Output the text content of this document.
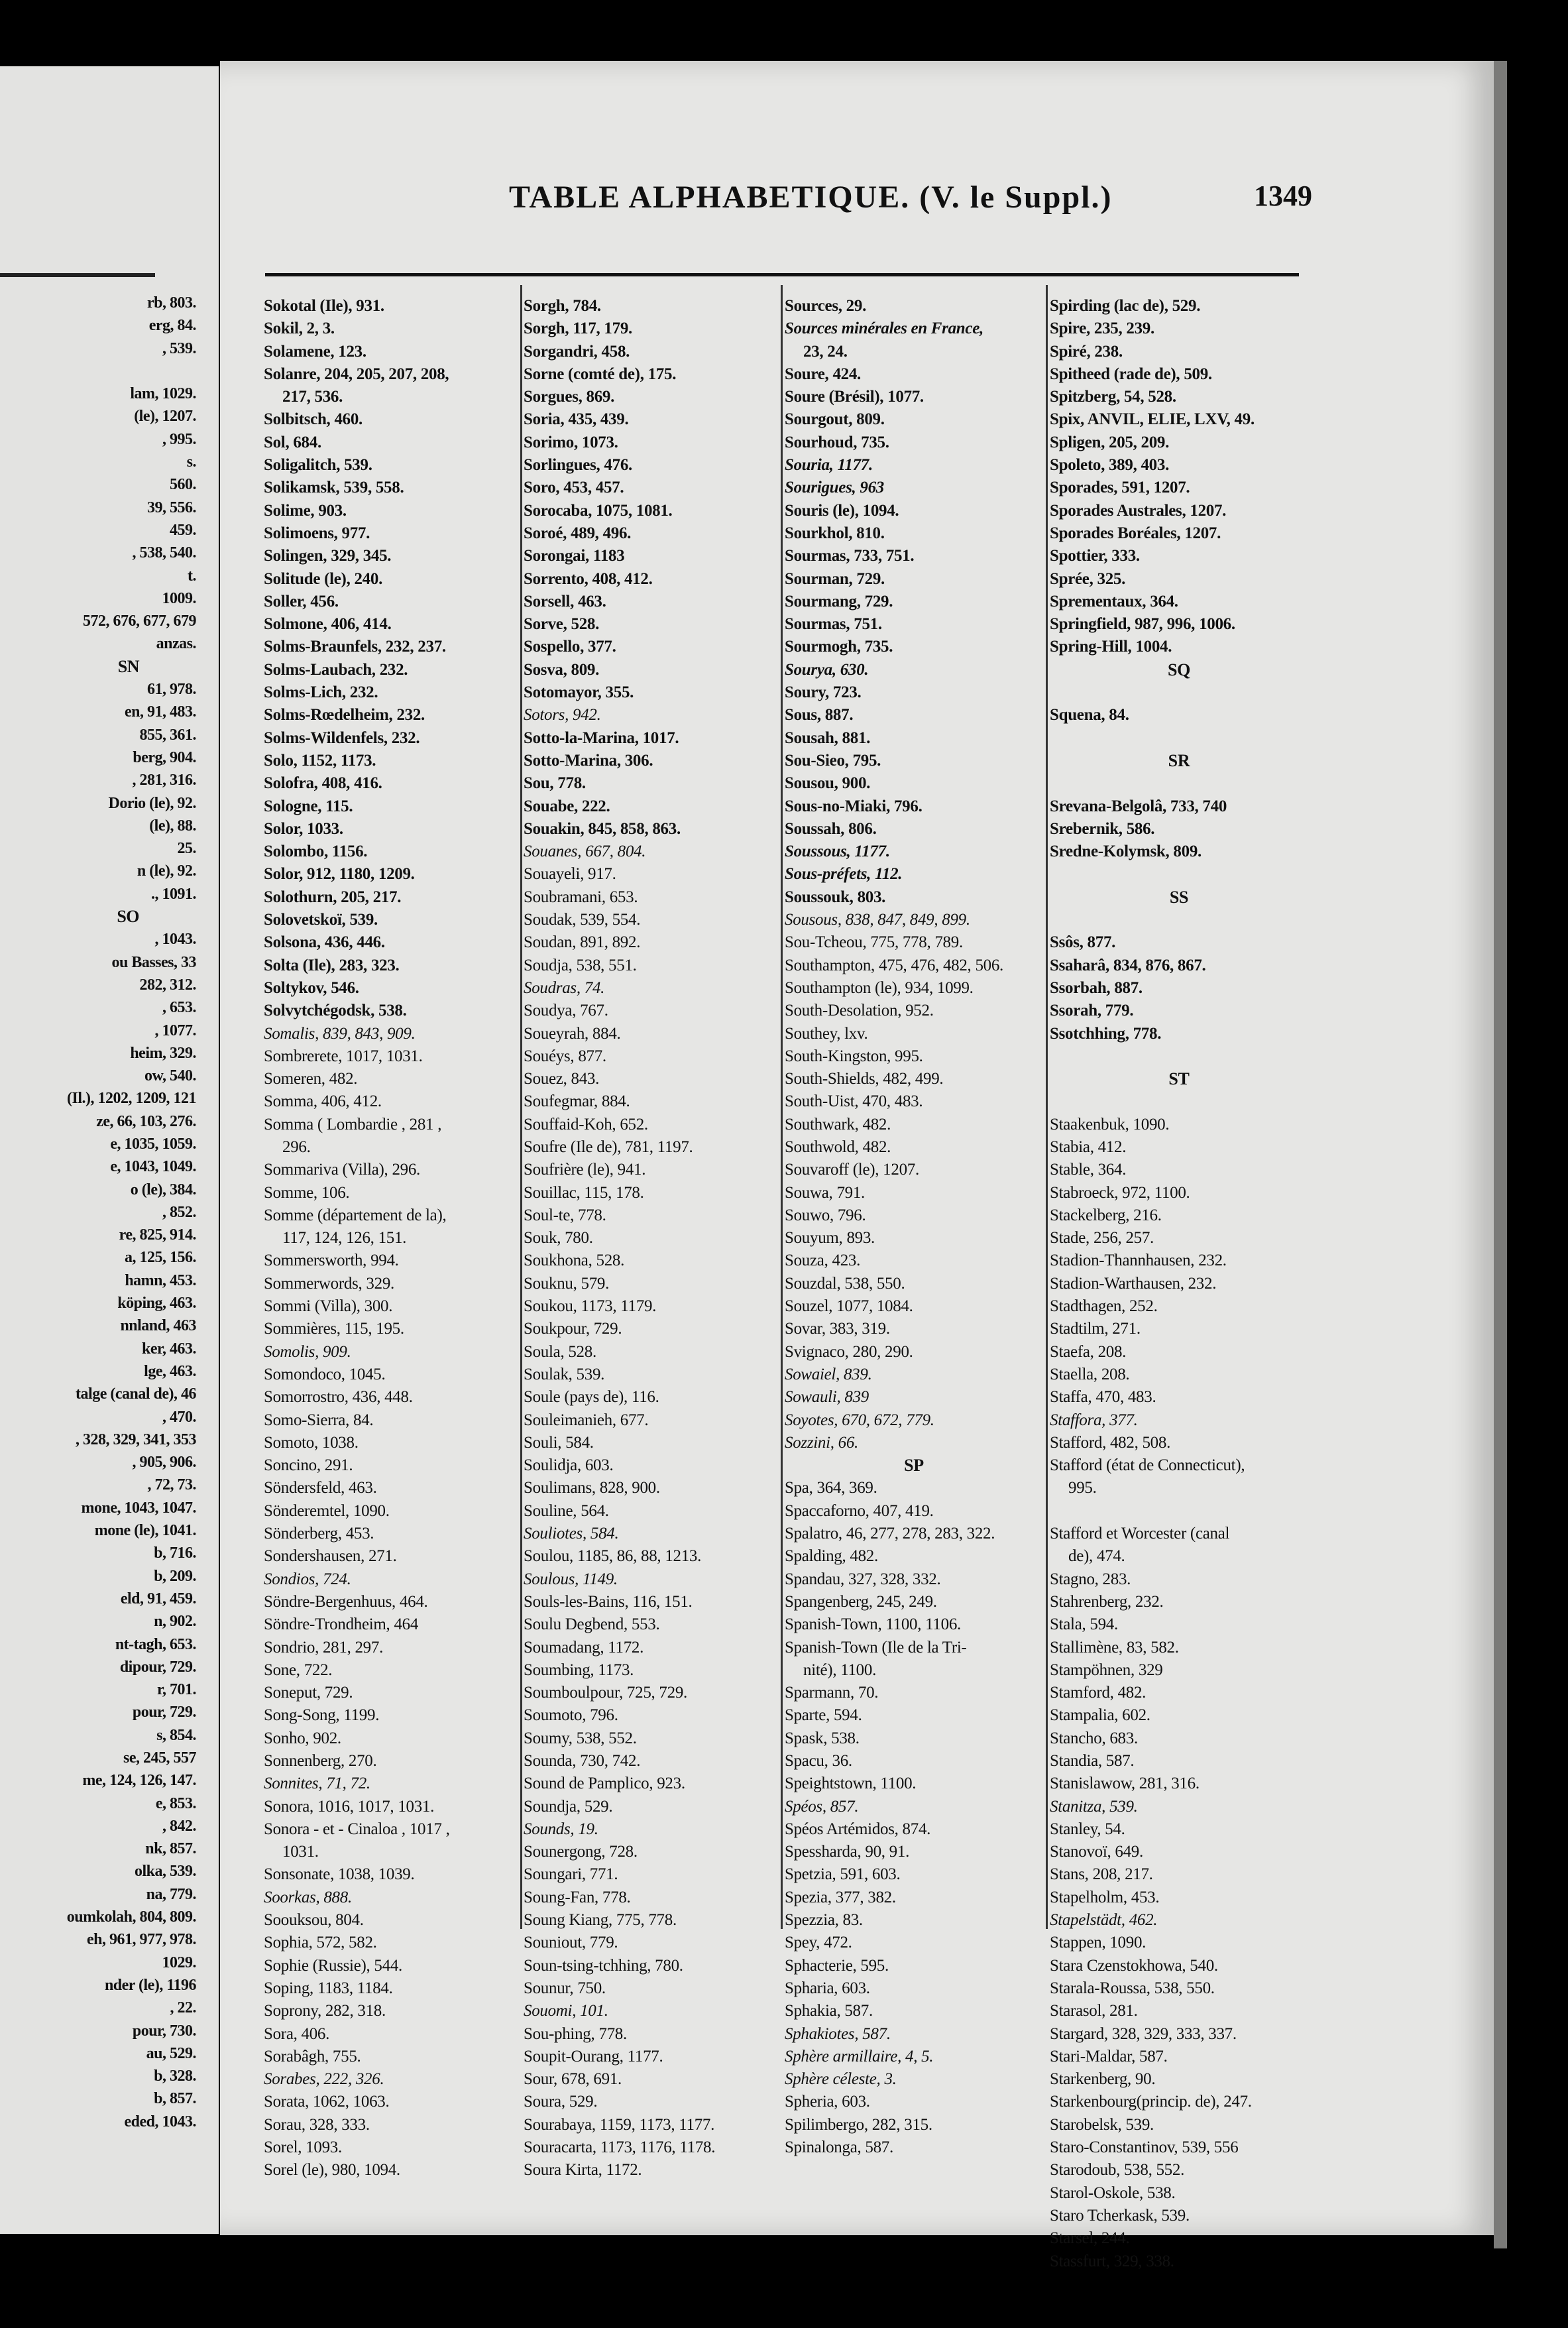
rb, 803.
erg, 84.
, 539.
lam, 1029.
(le), 1207.
, 995.
s.
560.
39, 556.
459.
, 538, 540.
t.
1009.
572, 676, 677, 679
anzas.
SN
61, 978.
en, 91, 483.
855, 361.
berg, 904.
, 281, 316.
Dorio (le), 92.
(le), 88.
25.
n (le), 92.
., 1091.
SO
, 1043.
ou Basses, 33
282, 312.
, 653.
, 1077.
heim, 329.
ow, 540.
(Il.), 1202, 1209, 121
ze, 66, 103, 276.
e, 1035, 1059.
e, 1043, 1049.
o (le), 384.
, 852.
re, 825, 914.
a, 125, 156.
hamn, 453.
köping, 463.
nnland, 463
ker, 463.
lge, 463.
talge (canal de), 46
, 470.
, 328, 329, 341, 353
, 905, 906.
, 72, 73.
mone, 1043, 1047.
mone (le), 1041.
b, 716.
b, 209.
eld, 91, 459.
n, 902.
nt-tagh, 653.
dipour, 729.
r, 701.
pour, 729.
s, 854.
se, 245, 557
me, 124, 126, 147.
e, 853.
, 842.
nk, 857.
olka, 539.
na, 779.
oumkolah, 804, 809.
eh, 961, 977, 978.
1029.
nder (le), 1196
, 22.
pour, 730.
au, 529.
b, 328.
b, 857.
eded, 1043.
TABLE ALPHABETIQUE. (V. le Suppl.)	1349
Sokotal (Ile), 931.
Sokil, 2, 3.
Solamene, 123.
Solanre, 204, 205, 207, 208,
217, 536.
Solbitsch, 460.
Sol, 684.
Soligalitch, 539.
Solikamsk, 539, 558.
Solime, 903.
Solimoens, 977.
Solingen, 329, 345.
Solitude (le), 240.
Soller, 456.
Solmone, 406, 414.
Solms-Braunfels, 232, 237.
Solms-Laubach, 232.
Solms-Lich, 232.
Solms-Rœdelheim, 232.
Solms-Wildenfels, 232.
Solo, 1152, 1173.
Solofra, 408, 416.
Sologne, 115.
Solor, 1033.
Solombo, 1156.
Solor, 912, 1180, 1209.
Solothurn, 205, 217.
Solovetskoï, 539.
Solsona, 436, 446.
Solta (Ile), 283, 323.
Soltykov, 546.
Solvytchégodsk, 538.
Somalis, 839, 843, 909.
Sombrerete, 1017, 1031.
Someren, 482.
Somma, 406, 412.
Somma ( Lombardie , 281 ,
296.
Sommariva (Villa), 296.
Somme, 106.
Somme (département de la),
117, 124, 126, 151.
Sommersworth, 994.
Sommerwords, 329.
Sommi (Villa), 300.
Sommières, 115, 195.
Somolis, 909.
Somondoco, 1045.
Somorrostro, 436, 448.
Somo-Sierra, 84.
Somoto, 1038.
Soncino, 291.
Söndersfeld, 463.
Sönderemtel, 1090.
Sönderberg, 453.
Sondershausen, 271.
Sondios, 724.
Söndre-Bergenhuus, 464.
Söndre-Trondheim, 464
Sondrio, 281, 297.
Sone, 722.
Soneput, 729.
Song-Song, 1199.
Sonho, 902.
Sonnenberg, 270.
Sonnites, 71, 72.
Sonora, 1016, 1017, 1031.
Sonora - et - Cinaloa , 1017 ,
1031.
Sonsonate, 1038, 1039.
Soorkas, 888.
Soouksou, 804.
Sophia, 572, 582.
Sophie (Russie), 544.
Soping, 1183, 1184.
Soprony, 282, 318.
Sora, 406.
Sorabâgh, 755.
Sorabes, 222, 326.
Sorata, 1062, 1063.
Sorau, 328, 333.
Sorel, 1093.
Sorel (le), 980, 1094.
Sorgh, 784.
Sorgh, 117, 179.
Sorgandri, 458.
Sorne (comté de), 175.
Sorgues, 869.
Soria, 435, 439.
Sorimo, 1073.
Sorlingues, 476.
Soro, 453, 457.
Sorocaba, 1075, 1081.
Soroé, 489, 496.
Sorongai, 1183
Sorrento, 408, 412.
Sorsell, 463.
Sorve, 528.
Sospello, 377.
Sosva, 809.
Sotomayor, 355.
Sotors, 942.
Sotto-la-Marina, 1017.
Sotto-Marina, 306.
Sou, 778.
Souabe, 222.
Souakin, 845, 858, 863.
Souanes, 667, 804.
Souayeli, 917.
Soubramani, 653.
Soudak, 539, 554.
Soudan, 891, 892.
Soudja, 538, 551.
Soudras, 74.
Soudya, 767.
Soueyrah, 884.
Souéys, 877.
Souez, 843.
Soufegmar, 884.
Souffaid-Koh, 652.
Soufre (Ile de), 781, 1197.
Soufrière (le), 941.
Souillac, 115, 178.
Soul-te, 778.
Souk, 780.
Soukhona, 528.
Souknu, 579.
Soukou, 1173, 1179.
Soukpour, 729.
Soula, 528.
Soulak, 539.
Soule (pays de), 116.
Souleimanieh, 677.
Souli, 584.
Soulidja, 603.
Soulimans, 828, 900.
Souline, 564.
Souliotes, 584.
Soulou, 1185, 86, 88, 1213.
Soulous, 1149.
Souls-les-Bains, 116, 151.
Soulu Degbend, 553.
Soumadang, 1172.
Soumbing, 1173.
Soumboulpour, 725, 729.
Soumoto, 796.
Soumy, 538, 552.
Sounda, 730, 742.
Sound de Pamplico, 923.
Soundja, 529.
Sounds, 19.
Sounergong, 728.
Soungari, 771.
Soung-Fan, 778.
Soung Kiang, 775, 778.
Souniout, 779.
Soun-tsing-tchhing, 780.
Sounur, 750.
Souomi, 101.
Sou-phing, 778.
Soupit-Ourang, 1177.
Sour, 678, 691.
Soura, 529.
Sourabaya, 1159, 1173, 1177.
Souracarta, 1173, 1176, 1178.
Soura Kirta, 1172.
Sources, 29.
Sources minérales en France,
23, 24.
Soure, 424.
Soure (Brésil), 1077.
Sourgout, 809.
Sourhoud, 735.
Souria, 1177.
Sourigues, 963
Souris (le), 1094.
Sourkhol, 810.
Sourmas, 733, 751.
Sourman, 729.
Sourmang, 729.
Sourmas, 751.
Sourmogh, 735.
Sourya, 630.
Soury, 723.
Sous, 887.
Sousah, 881.
Sou-Sieo, 795.
Sousou, 900.
Sous-no-Miaki, 796.
Soussah, 806.
Soussous, 1177.
Sous-préfets, 112.
Soussouk, 803.
Sousous, 838, 847, 849, 899.
Sou-Tcheou, 775, 778, 789.
Southampton, 475, 476, 482, 506.
Southampton (le), 934, 1099.
South-Desolation, 952.
Southey, lxv.
South-Kingston, 995.
South-Shields, 482, 499.
South-Uist, 470, 483.
Southwark, 482.
Southwold, 482.
Souvaroff (le), 1207.
Souwa, 791.
Souwo, 796.
Souyum, 893.
Souza, 423.
Souzdal, 538, 550.
Souzel, 1077, 1084.
Sovar, 383, 319.
Svignaco, 280, 290.
Sowaiel, 839.
Sowauli, 839
Soyotes, 670, 672, 779.
Sozzini, 66.
SP
Spa, 364, 369.
Spaccaforno, 407, 419.
Spalatro, 46, 277, 278, 283, 322.
Spalding, 482.
Spandau, 327, 328, 332.
Spangenberg, 245, 249.
Spanish-Town, 1100, 1106.
Spanish-Town (Ile de la Tri-
nité), 1100.
Sparmann, 70.
Sparte, 594.
Spask, 538.
Spacu, 36.
Speightstown, 1100.
Spéos, 857.
Spéos Artémidos, 874.
Spessharda, 90, 91.
Spetzia, 591, 603.
Spezia, 377, 382.
Spezzia, 83.
Spey, 472.
Sphacterie, 595.
Spharia, 603.
Sphakia, 587.
Sphakiotes, 587.
Sphère armillaire, 4, 5.
Sphère céleste, 3.
Spheria, 603.
Spilimbergo, 282, 315.
Spinalonga, 587.
Spirding (lac de), 529.
Spire, 235, 239.
Spiré, 238.
Spitheed (rade de), 509.
Spitzberg, 54, 528.
Spix, ANVIL, ELIE, LXV, 49.
Spligen, 205, 209.
Spoleto, 389, 403.
Sporades, 591, 1207.
Sporades Australes, 1207.
Sporades Boréales, 1207.
Spottier, 333.
Sprée, 325.
Sprementaux, 364.
Springfield, 987, 996, 1006.
Spring-Hill, 1004.
SQ
Squena, 84.
SR
Srevana-Belgolâ, 733, 740
Srebernik, 586.
Sredne-Kolymsk, 809.
SS
Ssôs, 877.
Ssaharâ, 834, 876, 867.
Ssorbah, 887.
Ssorah, 779.
Ssotchhing, 778.
ST
Staakenbuk, 1090.
Stabia, 412.
Stable, 364.
Stabroeck, 972, 1100.
Stackelberg, 216.
Stade, 256, 257.
Stadion-Thannhausen, 232.
Stadion-Warthausen, 232.
Stadthagen, 252.
Stadtilm, 271.
Staefa, 208.
Staella, 208.
Staffa, 470, 483.
Staffora, 377.
Stafford, 482, 508.
Stafford (état de Connecticut),
995.
Stafford et Worcester (canal
de), 474.
Stagno, 283.
Stahrenberg, 232.
Stala, 594.
Stallimène, 83, 582.
Stampöhnen, 329
Stamford, 482.
Stampalia, 602.
Stancho, 683.
Standia, 587.
Stanislawow, 281, 316.
Stanitza, 539.
Stanley, 54.
Stanovoï, 649.
Stans, 208, 217.
Stapelholm, 453.
Stapelstädt, 462.
Stappen, 1090.
Stara Czenstokhowa, 540.
Starala-Roussa, 538, 550.
Starasol, 281.
Stargard, 328, 329, 333, 337.
Stari-Maldar, 587.
Starkenberg, 90.
Starkenbourg(princip. de), 247.
Starobelsk, 539.
Staro-Constantinov, 539, 556
Starodoub, 538, 552.
Starol-Oskole, 538.
Staro Tcherkask, 539.
Starsel, 244.
Stassfurt, 329, 338.
